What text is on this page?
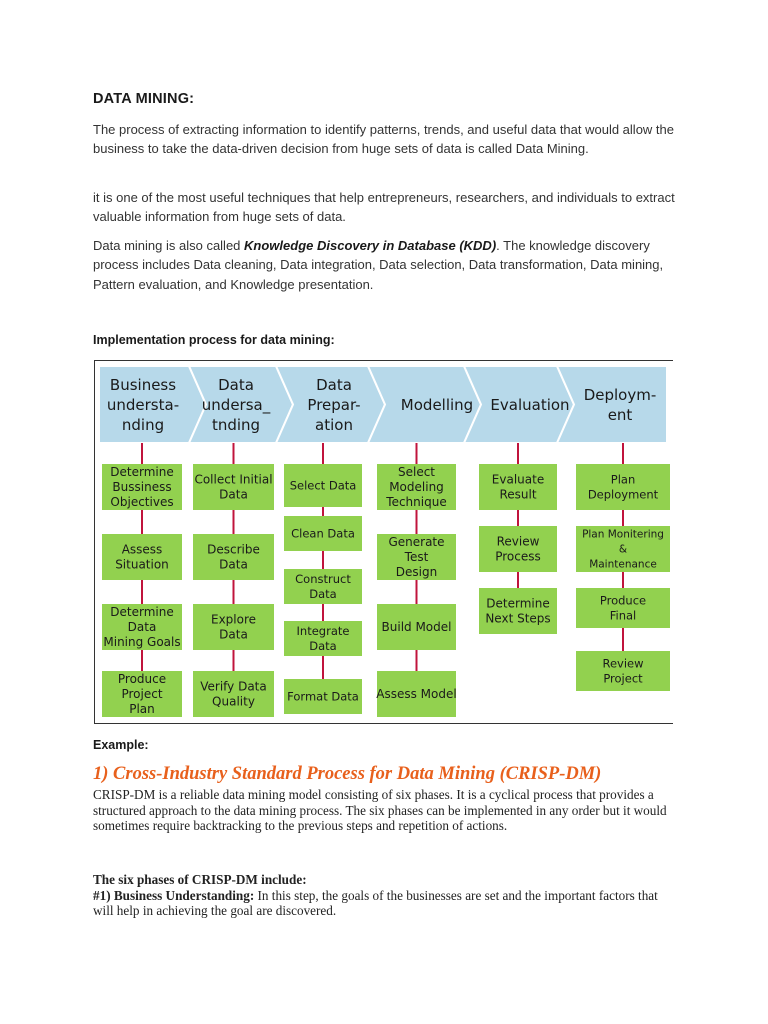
DATA MINING:

The process of extracting information to identify patterns, trends, and useful data that would allow the business to take the data-driven decision from huge sets of data is called Data Mining.

it is one of the most useful techniques that help entrepreneurs, researchers, and individuals to extract valuable information from huge sets of data.

Data mining is also called Knowledge Discovery in Database (KDD). The knowledge discovery process includes Data cleaning, Data integration, Data selection, Data transformation, Data mining, Pattern evaluation, and Knowledge presentation.

Implementation process for data mining:
Business understa-nding
Data undersa_ tnding
Data Prepar-ation
Modelling Evaluation
Deploym-ent
Determine Bussiness Objectives
Assess Situation
Determine Data Mining Goals
Produce Project Plan
Collect Initial Data
Describe Data
Explore Data
Verify Data Quality
Select Data
Clean Data
Construct Data
Integrate Data
Format Data
Select Modeling Technique
Generate Test Design
Build Model
Assess Model
Evaluate Result
Review Process
Determine Next Steps
Plan Deployment
Plan Monitering & Maintenance
Produce Final
Review Project
Example:
1) Cross-Industry Standard Process for Data Mining (CRISP-DM)

CRISP-DM is a reliable data mining model consisting of six phases. It is a cyclical process that provides a structured approach to the data mining process. The six phases can be implemented in any order but it would sometimes require backtracking to the previous steps and repetition of actions.

The six phases of CRISP-DM include:
#1) Business Understanding: In this step, the goals of the businesses are set and the important factors that will help in achieving the goal are discovered.
